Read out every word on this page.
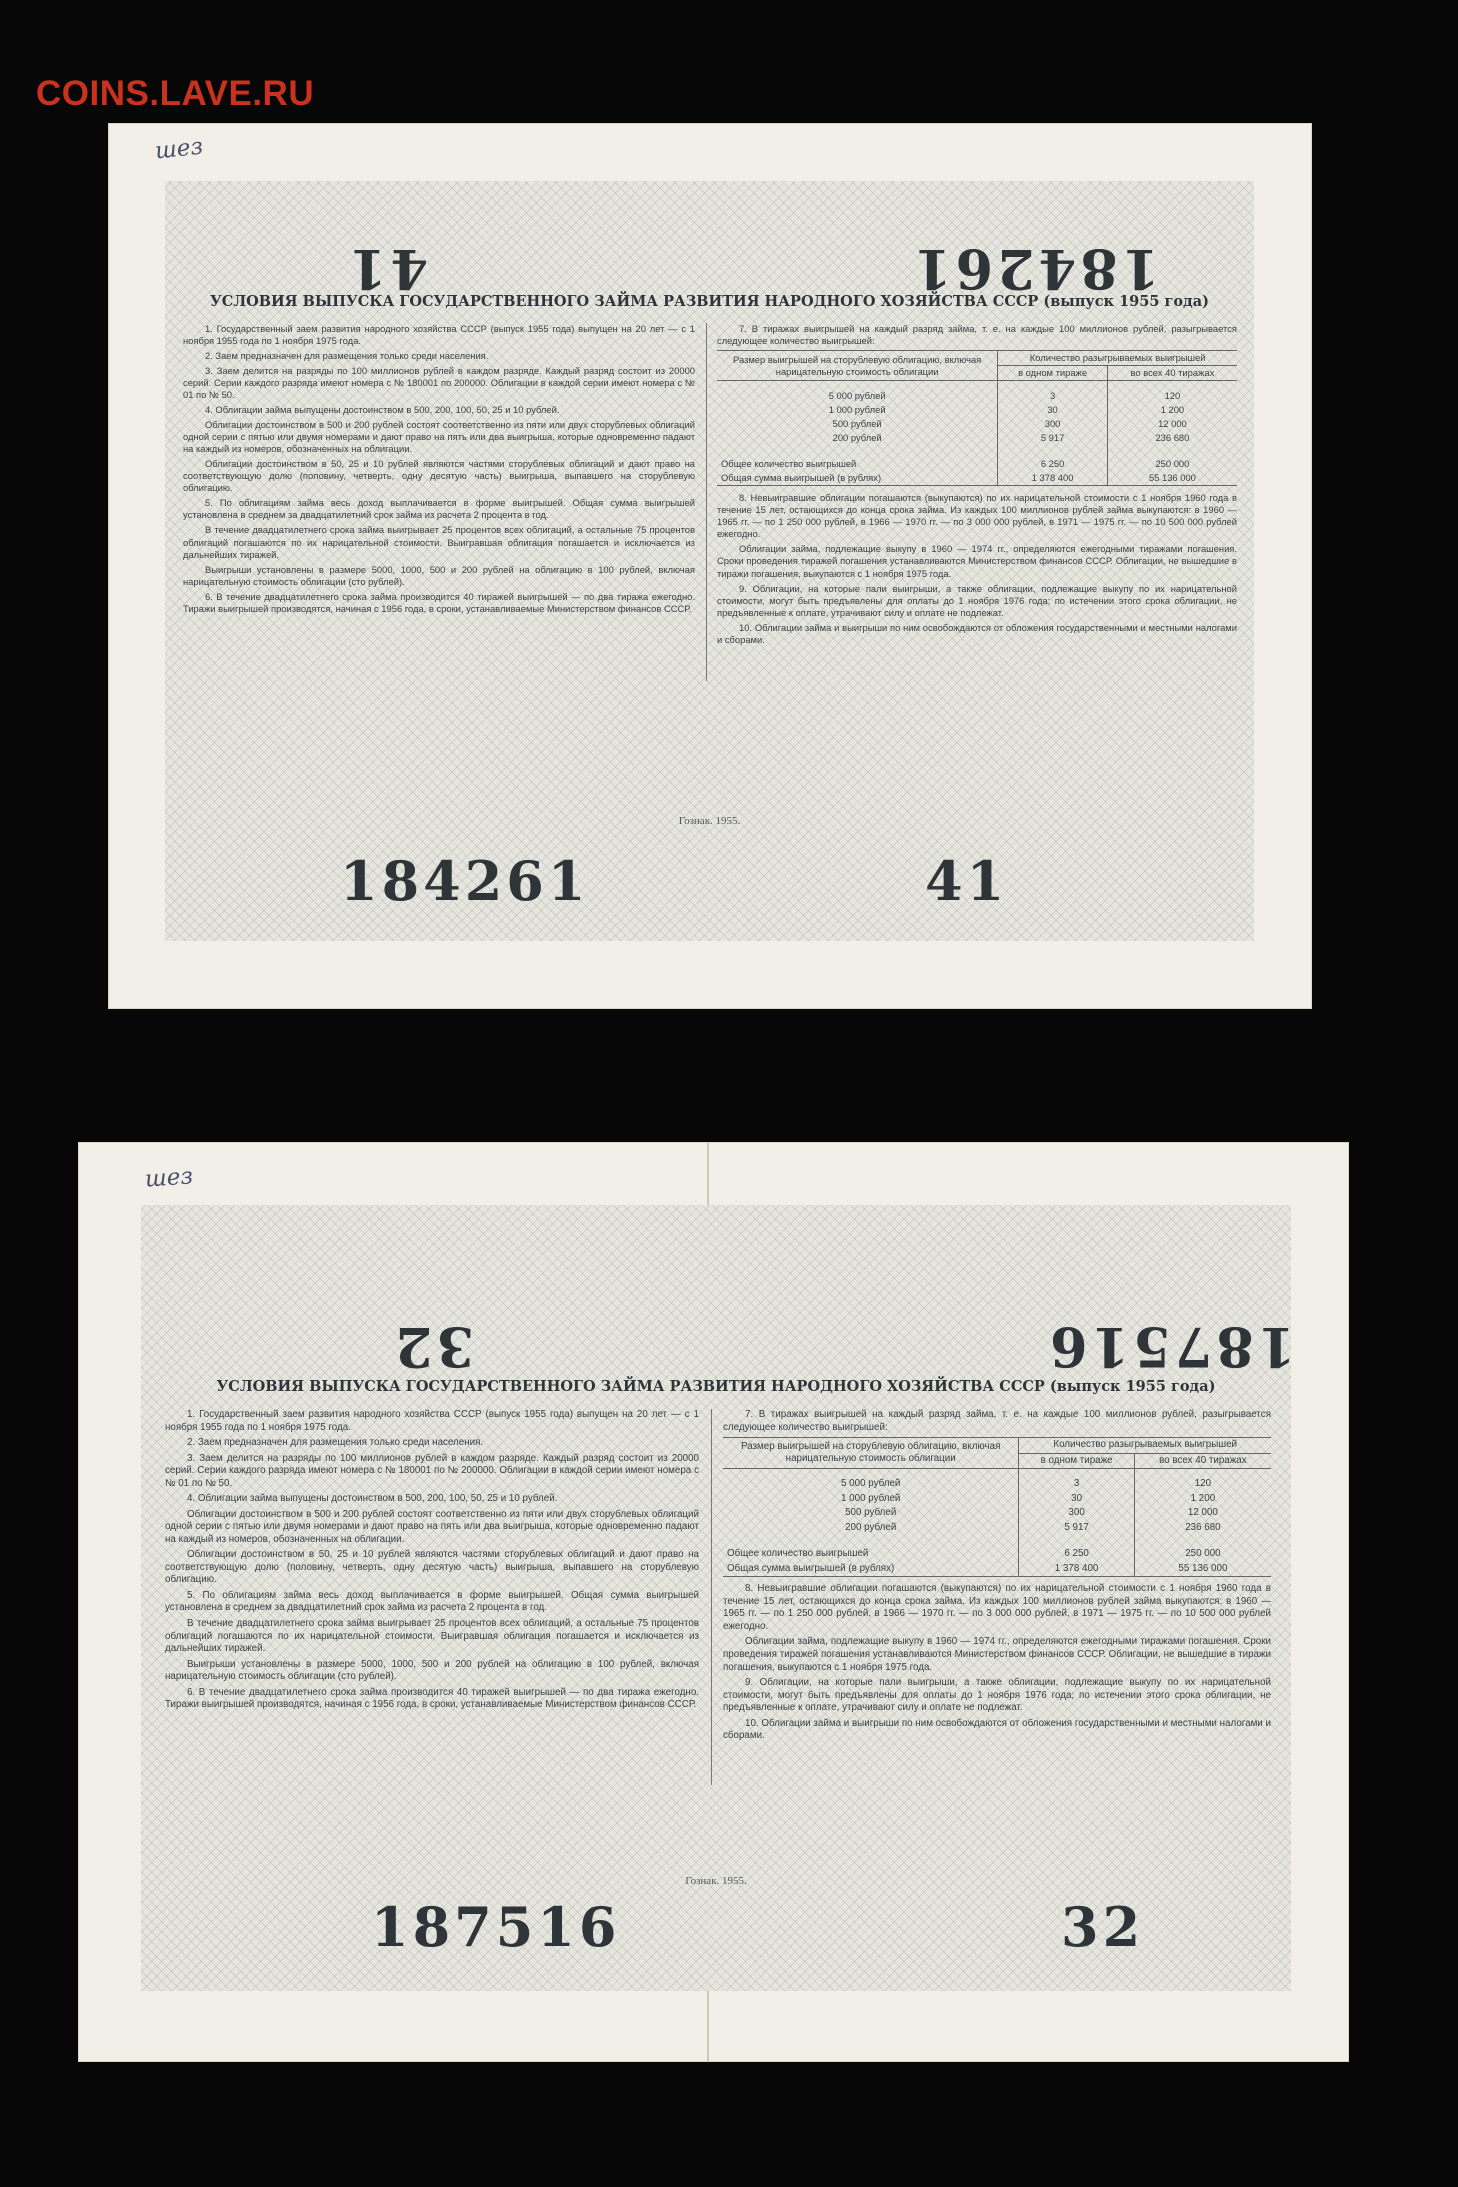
COINS.LAVE.RU
шез
41	184261
УСЛОВИЯ ВЫПУСКА ГОСУДАРСТВЕННОГО ЗАЙМА РАЗВИТИЯ НАРОДНОГО ХОЗЯЙСТВА СССР (выпуск 1955 года)

1. Государственный заем развития народного хозяйства СССР (выпуск 1955 года) выпущен на 20 лет — с 1 ноября 1955 года по 1 ноября 1975 года.

2. Заем предназначен для размещения только среди населения.

3. Заем делится на разряды по 100 миллионов рублей в каждом разряде. Каждый разряд состоит из 20000 серий. Серии каждого разряда имеют номера с № 180001 по 200000. Облигации в каждой серии имеют номера с № 01 по № 50.

4. Облигации займа выпущены достоинством в 500, 200, 100, 50, 25 и 10 рублей.

Облигации достоинством в 500 и 200 рублей состоят соответственно из пяти или двух сторублевых облигаций одной серии с пятью или двумя номерами и дают право на пять или два выигрыша, которые одновременно падают на каждый из номеров, обозначенных на облигации.

Облигации достоинством в 50, 25 и 10 рублей являются частями сторублевых облигаций и дают право на соответствующую долю (половину, четверть, одну десятую часть) выигрыша, выпавшего на сторублевую облигацию.

5. По облигациям займа весь доход выплачивается в форме выигрышей. Общая сумма выигрышей установлена в среднем за двадцатилетний срок займа из расчета 2 процента в год.

В течение двадцатилетнего срока займа выигрывает 25 процентов всех облигаций, а остальные 75 процентов облигаций погашаются по их нарицательной стоимости. Выигравшая облигация погашается и исключается из дальнейших тиражей.

Выигрыши установлены в размере 5000, 1000, 500 и 200 рублей на облигацию в 100 рублей, включая нарицательную стоимость облигации (сто рублей).

6. В течение двадцатилетнего срока займа производится 40 тиражей выигрышей — по два тиража ежегодно. Тиражи выигрышей производятся, начиная с 1956 года, в сроки, устанавливаемые Министерством финансов СССР.

7. В тиражах выигрышей на каждый разряд займа, т. е. на каждые 100 миллионов рублей, разыгрывается следующее количество выигрышей:

Размер выигрышей на сторублевую облигацию, включая нарицательную стоимость облигации	Количество разыгрываемых выигрышей	
	в одном тираже	во всех 40 тиражах

5 000 рублей	3	120
1 000 рублей	30	1 200
500 рублей	300	12 000
200 рублей	5 917	236 680

Общее количество выигрышей	6 250	250 000
Общая сумма выигрышей (в рублях)	1 378 400	55 136 000

8. Невыигравшие облигации погашаются (выкупаются) по их нарицательной стоимости с 1 ноября 1960 года в течение 15 лет, остающихся до конца срока займа. Из каждых 100 миллионов рублей займа выкупаются: в 1960 — 1965 гг. — по 1 250 000 рублей, в 1966 — 1970 гг. — по 3 000 000 рублей, в 1971 — 1975 гг. — по 10 500 000 рублей ежегодно.

Облигации займа, подлежащие выкупу в 1960 — 1974 гг., определяются ежегодными тиражами погашения. Сроки проведения тиражей погашения устанавливаются Министерством финансов СССР. Облигации, не вышедшие в тиражи погашения, выкупаются с 1 ноября 1975 года.

9. Облигации, на которые пали выигрыши, а также облигации, подлежащие выкупу по их нарицательной стоимости, могут быть предъявлены для оплаты до 1 ноября 1976 года; по истечении этого срока облигации, не предъявленные к оплате, утрачивают силу и оплате не подлежат.

10. Облигации займа и выигрыши по ним освобождаются от обложения государственными и местными налогами и сборами.

Гознак. 1955.
184261	41
шез
32	187516
УСЛОВИЯ ВЫПУСКА ГОСУДАРСТВЕННОГО ЗАЙМА РАЗВИТИЯ НАРОДНОГО ХОЗЯЙСТВА СССР (выпуск 1955 года)

1. Государственный заем развития народного хозяйства СССР (выпуск 1955 года) выпущен на 20 лет — с 1 ноября 1955 года по 1 ноября 1975 года.

2. Заем предназначен для размещения только среди населения.

3. Заем делится на разряды по 100 миллионов рублей в каждом разряде. Каждый разряд состоит из 20000 серий. Серии каждого разряда имеют номера с № 180001 по № 200000. Облигации в каждой серии имеют номера с № 01 по № 50.

4. Облигации займа выпущены достоинством в 500, 200, 100, 50, 25 и 10 рублей.

Облигации достоинством в 500 и 200 рублей состоят соответственно из пяти или двух сторублевых облигаций одной серии с пятью или двумя номерами и дают право на пять или два выигрыша, которые одновременно падают на каждый из номеров, обозначенных на облигации.

Облигации достоинством в 50, 25 и 10 рублей являются частями сторублевых облигаций и дают право на соответствующую долю (половину, четверть, одну десятую часть) выигрыша, выпавшего на сторублевую облигацию.

5. По облигациям займа весь доход выплачивается в форме выигрышей. Общая сумма выигрышей установлена в среднем за двадцатилетний срок займа из расчета 2 процента в год.

В течение двадцатилетнего срока займа выигрывает 25 процентов всех облигаций, а остальные 75 процентов облигаций погашаются по их нарицательной стоимости. Выигравшая облигация погашается и исключается из дальнейших тиражей.

Выигрыши установлены в размере 5000, 1000, 500 и 200 рублей на облигацию в 100 рублей, включая нарицательную стоимость облигации (сто рублей).

6. В течение двадцатилетнего срока займа производится 40 тиражей выигрышей — по два тиража ежегодно. Тиражи выигрышей производятся, начиная с 1956 года, в сроки, устанавливаемые Министерством финансов СССР.

7. В тиражах выигрышей на каждый разряд займа, т. е. на каждые 100 миллионов рублей, разыгрывается следующее количество выигрышей:

Размер выигрышей на сторублевую облигацию, включая нарицательную стоимость облигации	Количество разыгрываемых выигрышей	
	в одном тираже	во всех 40 тиражах

5 000 рублей	3	120
1 000 рублей	30	1 200
500 рублей	300	12 000
200 рублей	5 917	236 680

Общее количество выигрышей	6 250	250 000
Общая сумма выигрышей (в рублях)	1 378 400	55 136 000

8. Невыигравшие облигации погашаются (выкупаются) по их нарицательной стоимости с 1 ноября 1960 года в течение 15 лет, остающихся до конца срока займа. Из каждых 100 миллионов рублей займа выкупаются: в 1960 — 1965 гг. — по 1 250 000 рублей, в 1966 — 1970 гг. — по 3 000 000 рублей, в 1971 — 1975 гг. — по 10 500 000 рублей ежегодно.

Облигации займа, подлежащие выкупу в 1960 — 1974 гг., определяются ежегодными тиражами погашения. Сроки проведения тиражей погашения устанавливаются Министерством финансов СССР. Облигации, не вышедшие в тиражи погашения, выкупаются с 1 ноября 1975 года.

9. Облигации, на которые пали выигрыши, а также облигации, подлежащие выкупу по их нарицательной стоимости, могут быть предъявлены для оплаты до 1 ноября 1976 года; по истечении этого срока облигации, не предъявленные к оплате, утрачивают силу и оплате не подлежат.

10. Облигации займа и выигрыши по ним освобождаются от обложения государственными и местными налогами и сборами.

Гознак. 1955.
187516	32
